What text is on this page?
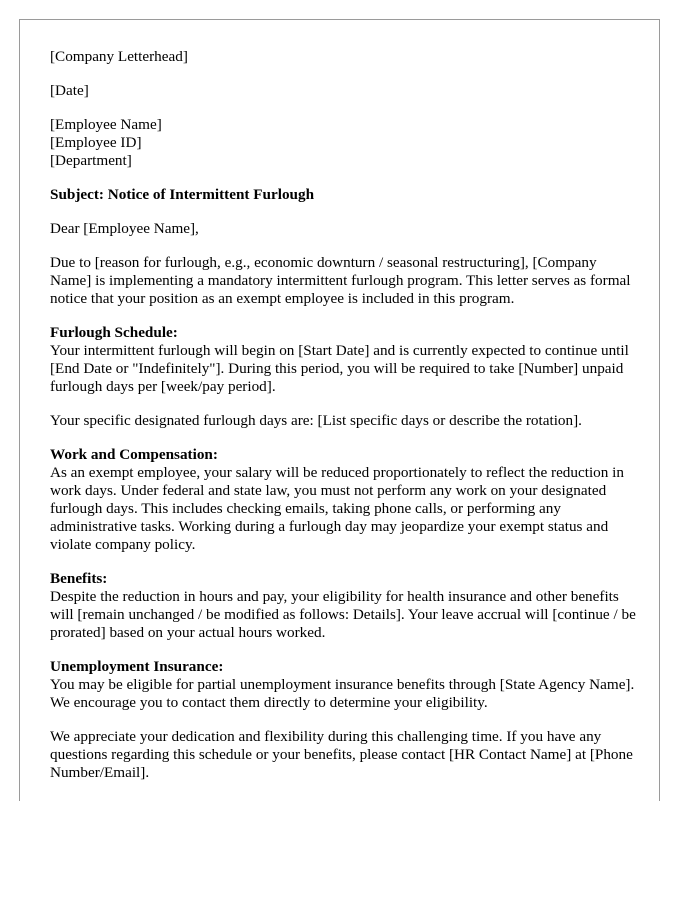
[Company Letterhead]

[Date]

[Employee Name]

[Employee ID]

[Department]

Subject: Notice of Intermittent Furlough

Dear [Employee Name],

Due to [reason for furlough, e.g., economic downturn / seasonal restructuring], [Company Name] is implementing a mandatory intermittent furlough program. This letter serves as formal notice that your position as an exempt employee is included in this program.

Furlough Schedule:

Your intermittent furlough will begin on [Start Date] and is currently expected to continue until [End Date or "Indefinitely"]. During this period, you will be required to take [Number] unpaid furlough days per [week/pay period].

Your specific designated furlough days are: [List specific days or describe the rotation].

Work and Compensation:

As an exempt employee, your salary will be reduced proportionately to reflect the reduction in work days. Under federal and state law, you must not perform any work on your designated furlough days. This includes checking emails, taking phone calls, or performing any administrative tasks. Working during a furlough day may jeopardize your exempt status and violate company policy.

Benefits:

Despite the reduction in hours and pay, your eligibility for health insurance and other benefits will [remain unchanged / be modified as follows: Details]. Your leave accrual will [continue / be prorated] based on your actual hours worked.

Unemployment Insurance:

You may be eligible for partial unemployment insurance benefits through [State Agency Name]. We encourage you to contact them directly to determine your eligibility.

We appreciate your dedication and flexibility during this challenging time. If you have any questions regarding this schedule or your benefits, please contact [HR Contact Name] at [Phone Number/Email].
